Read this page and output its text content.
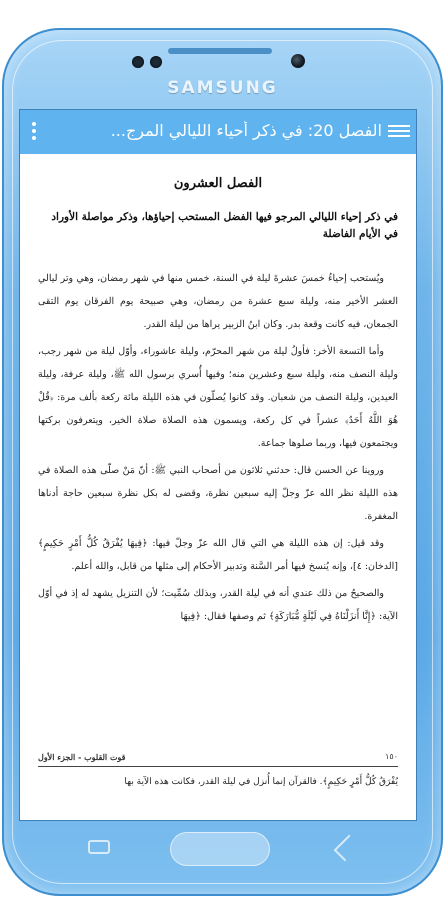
SAMSUNG
الفصل 20: في ذكر أحياء الليالي المرج...
الفصل العشرون
في ذكر إحياء الليالي المرجو فيها الفضل المستحب إحياؤها، وذكر مواصلة الأوراد في الأيام الفاضلة

ويُستحب إحياءُ خمسَ عشرةَ ليلة في السنة، خمس منها في شهر رمضان، وهي وتر ليالي العشر الأخير منه، وليلة سبع عشرة من رمضان، وهي صبيحة يوم الفرقان يوم التقى الجمعان، فيه كانت وقعة بدر. وكان ابنُ الزبير يراها من ليلة القدر.

وأما التسعة الأخر: فأولُ ليلة من شهر المحرّم، وليلة عاشوراء، وأوّل ليلة من شهر رجب، وليلة النصف منه، وليلة سبع وعشرين منه؛ وفيها أُسري برسول الله ﷺ، وليلة عرفة، وليلة العيدين، وليلة النصف من شعبان. وقد كانوا يُصلّون في هذه الليلة مائة ركعة بألف مرة: ﴿قُلْ هُوَ اللَّهُ أَحَدٌ﴾ عشراً في كل ركعة، ويسمون هذه الصلاة صلاة الخير، ويتعرفون بركتها ويجتمعون فيها، وربما صلوها جماعة.

وروينا عن الحسن قال: حدثني ثلاثون من أصحاب النبي ﷺ: أنّ مَنْ صلّى هذه الصلاة في هذه الليلة نظر الله عزّ وجلّ إليه سبعين نظرة، وقضى له بكل نظرة سبعين حاجة أدناها المغفرة.

وقد قيل: إن هذه الليلة هي التي قال الله عزّ وجلّ فيها: ﴿فِيهَا يُفْرَقُ كُلُّ أَمْرٍ حَكِيمٍ﴾ [الدخان: ٤]، وإنه يُنسخ فيها أمر السَّنة وتدبير الأحكام إلى مثلها من قابل، والله أعلم.

والصحيحُ من ذلك عندي أنه في ليلة القدر، وبذلك سُمِّيت؛ لأن التنزيل يشهد له إذ في أوّل الآية: ﴿إِنَّا أَنزَلْنَاهُ فِي لَيْلَةٍ مُّبَارَكَةٍ﴾ ثم وصفها فقال: ﴿فِيهَا

١٥٠
قوت القلوب - الجزء الأول
يُفْرَقُ كُلُّ أَمْرٍ حَكِيمٍ﴾. فالقرآن إنما أُنزل في ليلة القدر، فكانت هذه الآية بها
